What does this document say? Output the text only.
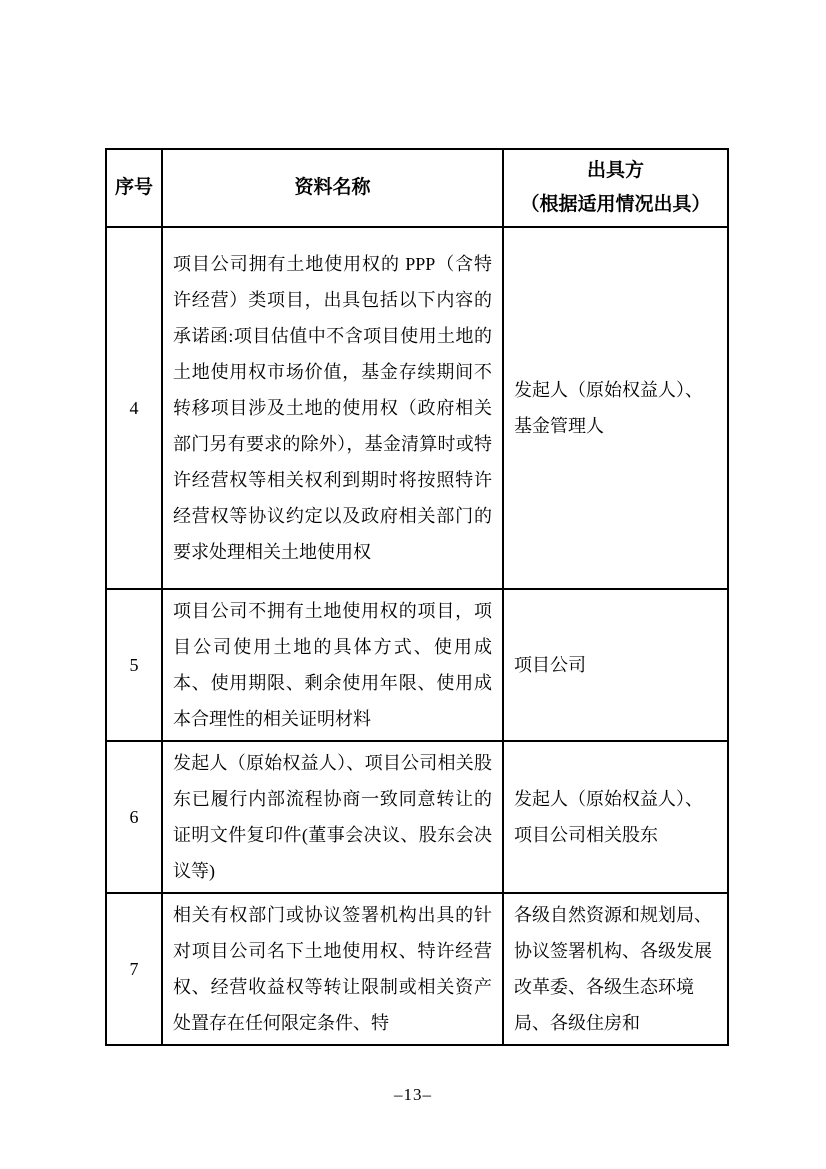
序号	资料名称	出具方
（根据适用情况出具）

4	项目公司拥有土地使用权的 PPP（含特许经营）类项目，出具包括以下内容的承诺函:项目估值中不含项目使用土地的土地使用权市场价值，基金存续期间不转移项目涉及土地的使用权（政府相关部门另有要求的除外），基金清算时或特许经营权等相关权利到期时将按照特许经营权等协议约定以及政府相关部门的要求处理相关土地使用权	发起人（原始权益人）、基金管理人
5	项目公司不拥有土地使用权的项目，项目公司使用土地的具体方式、使用成本、使用期限、剩余使用年限、使用成本合理性的相关证明材料	项目公司
6	发起人（原始权益人）、项目公司相关股东已履行内部流程协商一致同意转让的证明文件复印件(董事会决议、股东会决议等)	发起人（原始权益人）、项目公司相关股东
7	相关有权部门或协议签署机构出具的针对项目公司名下土地使用权、特许经营权、经营收益权等转让限制或相关资产处置存在任何限定条件、特	各级自然资源和规划局、协议签署机构、各级发展改革委、各级生态环境局、各级住房和
–13–
